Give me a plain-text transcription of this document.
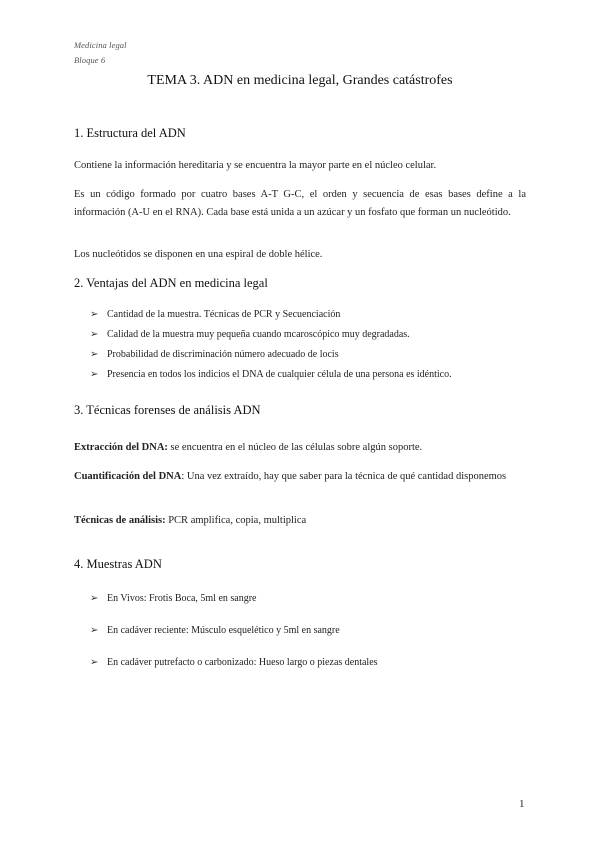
Medicina legal
Bloque 6
TEMA 3. ADN en medicina legal, Grandes catástrofes
1. Estructura del ADN
Contiene la información hereditaria y se encuentra la mayor parte en el núcleo celular.
Es un código formado por cuatro bases A-T G-C, el orden y secuencia de esas bases define a la información (A-U en el RNA). Cada base está unida a un azúcar y un fosfato que forman un nucleótido.
Los nucleótidos se disponen en una espiral de doble hélice.
2. Ventajas del ADN en medicina legal
➢ Cantidad de la muestra. Técnicas de PCR y Secuenciación
➢ Calidad de la muestra muy pequeña cuando mcaroscópico muy degradadas.
➢ Probabilidad de discriminación número adecuado de locis
➢ Presencia en todos los indicios el DNA de cualquier célula de una persona es idéntico.
3. Técnicas forenses de análisis ADN
Extracción del DNA: se encuentra en el núcleo de las células sobre algún soporte.
Cuantificación del DNA: Una vez extraído, hay que saber para la técnica de qué cantidad disponemos
Técnicas de análisis: PCR amplifica, copia, multiplica
4. Muestras ADN
➢ En Vivos: Frotis Boca, 5ml en sangre
➢ En cadáver reciente: Músculo esquelético y 5ml en sangre
➢ En cadáver putrefacto o carbonizado: Hueso largo o piezas dentales
1
